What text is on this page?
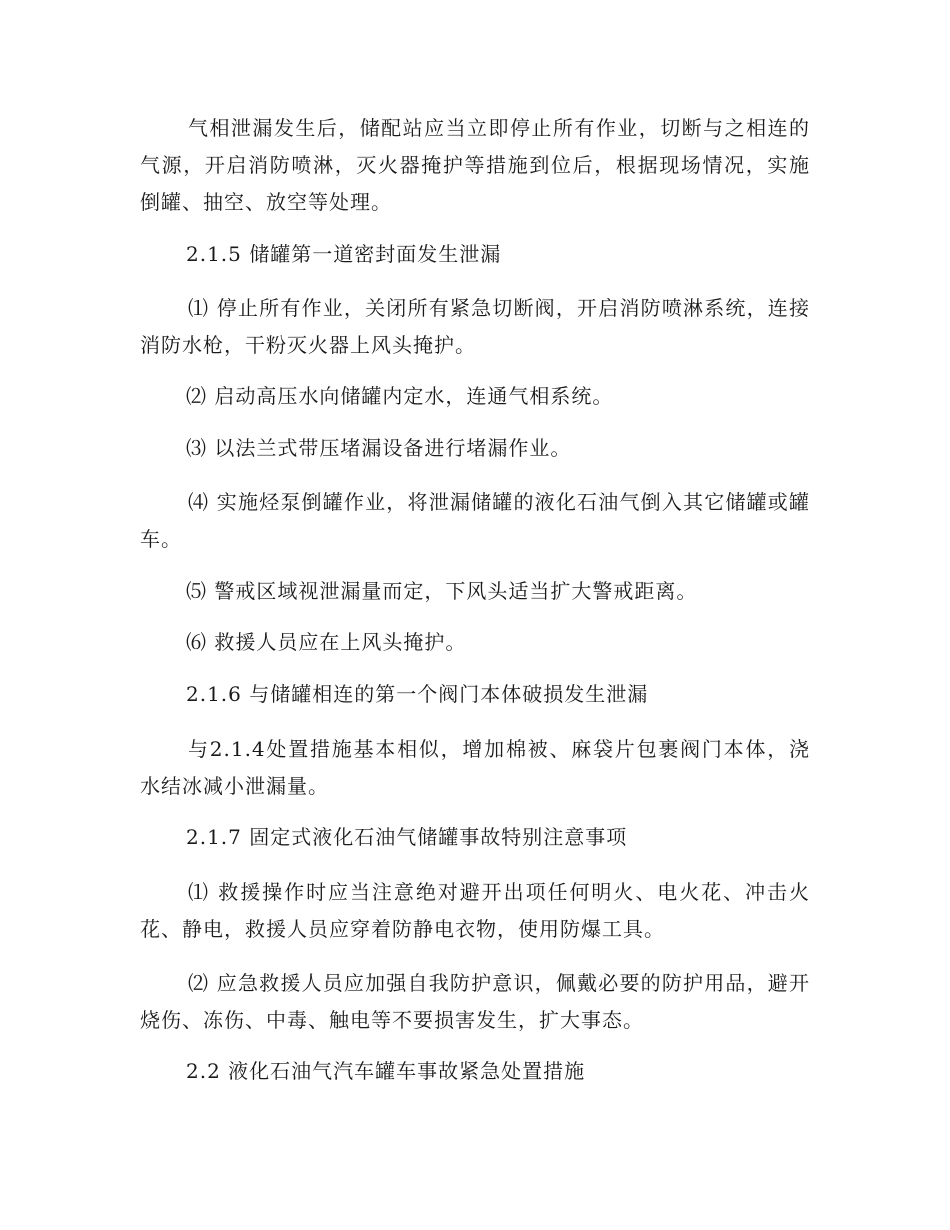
气相泄漏发生后，储配站应当立即停止所有作业，切断与之相连的气源，开启消防喷淋，灭火器掩护等措施到位后，根据现场情况，实施倒罐、抽空、放空等处理。

2.1.5 储罐第一道密封面发生泄漏

⑴ 停止所有作业，关闭所有紧急切断阀，开启消防喷淋系统，连接消防水枪，干粉灭火器上风头掩护。

⑵ 启动高压水向储罐内定水，连通气相系统。

⑶ 以法兰式带压堵漏设备进行堵漏作业。

⑷ 实施烃泵倒罐作业，将泄漏储罐的液化石油气倒入其它储罐或罐车。

⑸ 警戒区域视泄漏量而定，下风头适当扩大警戒距离。

⑹ 救援人员应在上风头掩护。

2.1.6 与储罐相连的第一个阀门本体破损发生泄漏

与2.1.4处置措施基本相似，增加棉被、麻袋片包裹阀门本体，浇水结冰减小泄漏量。

2.1.7 固定式液化石油气储罐事故特别注意事项

⑴ 救援操作时应当注意绝对避开出项任何明火、电火花、冲击火花、静电，救援人员应穿着防静电衣物，使用防爆工具。

⑵ 应急救援人员应加强自我防护意识，佩戴必要的防护用品，避开烧伤、冻伤、中毒、触电等不要损害发生，扩大事态。

2.2 液化石油气汽车罐车事故紧急处置措施
